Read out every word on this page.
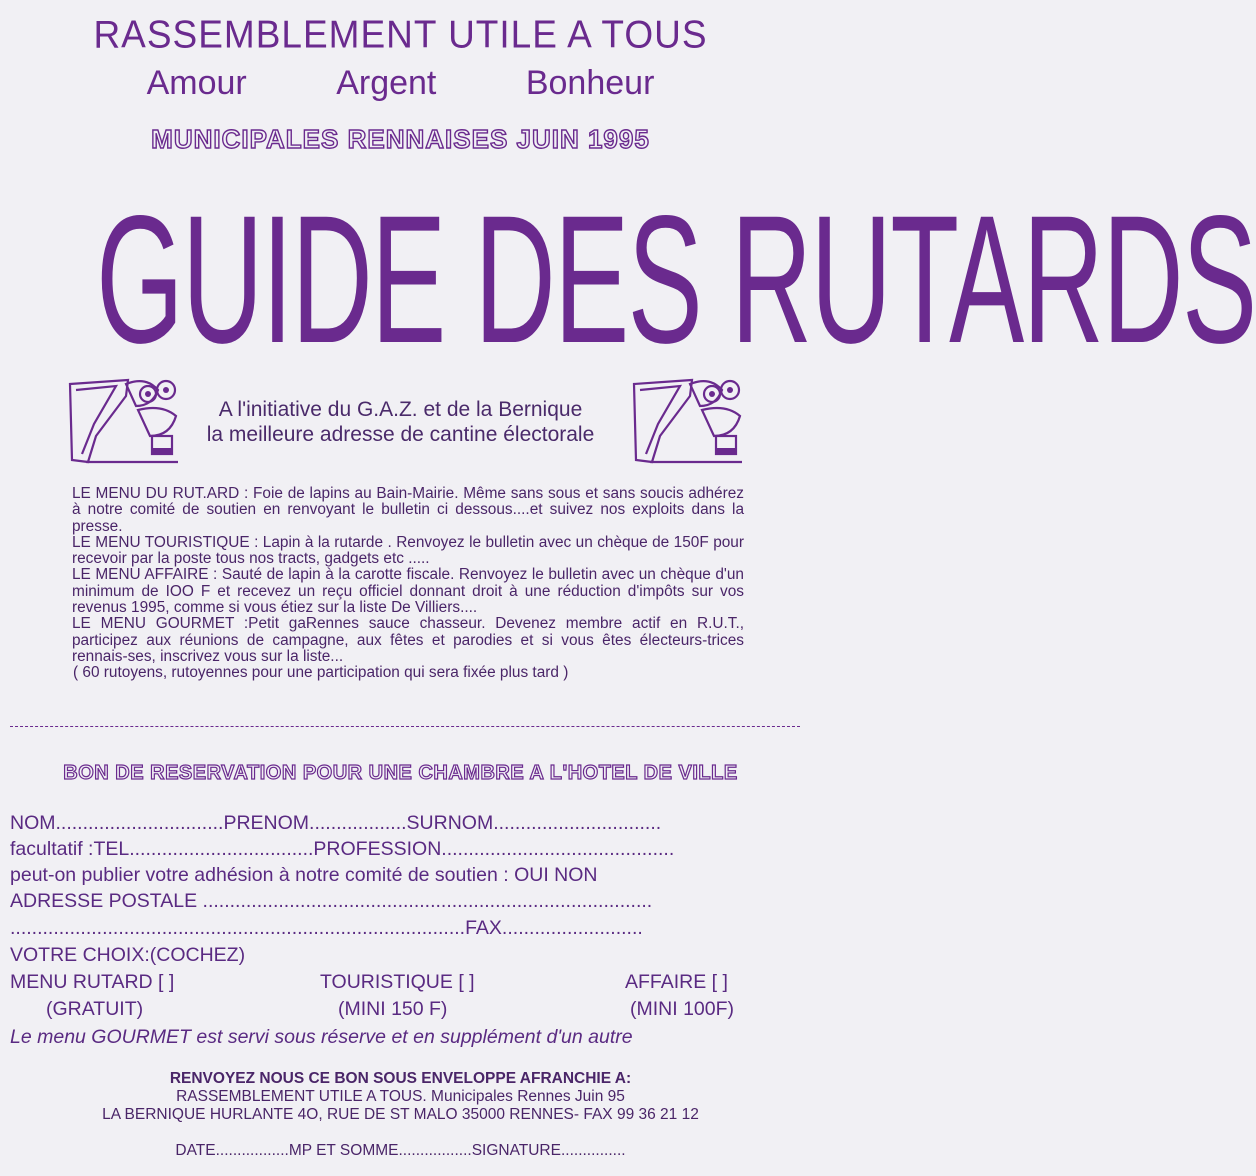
RASSEMBLEMENT UTILE A TOUS
Amour	Argent	Bonheur
MUNICIPALES RENNAISES JUIN 1995
GUIDE DES RUTARDS
A l'initiative du G.A.Z. et de la Bernique
la meilleure adresse de cantine électorale

LE MENU DU RUT.ARD : Foie de lapins au Bain-Mairie. Même sans sous et sans soucis adhérez à notre comité de soutien en renvoyant le bulletin ci dessous....et suivez nos exploits dans la presse.

LE MENU TOURISTIQUE : Lapin à la rutarde . Renvoyez le bulletin avec un chèque de 150F pour recevoir par la poste tous nos tracts, gadgets etc .....

LE MENU AFFAIRE : Sauté de lapin à la carotte fiscale. Renvoyez le bulletin avec un chèque d'un minimum de IOO F et recevez un reçu officiel donnant droit à une réduction d'impôts sur vos revenus 1995, comme si vous étiez sur la liste De Villiers....

LE MENU GOURMET :Petit gaRennes sauce chasseur. Devenez membre actif en R.U.T., participez aux réunions de campagne, aux fêtes et parodies et si vous êtes électeurs-trices rennais-ses, inscrivez vous sur la liste...

( 60 rutoyens, rutoyennes pour une participation qui sera fixée plus tard )

BON DE RESERVATION POUR UNE CHAMBRE A L'HOTEL DE VILLE
NOM...............................PRENOM..................SURNOM...............................
facultatif :TEL..................................PROFESSION...........................................
peut-on publier votre adhésion à notre comité de soutien : OUI NON
ADRESSE POSTALE ...................................................................................
....................................................................................FAX..........................
VOTRE CHOIX:(COCHEZ)
MENU RUTARD [ ]
(GRATUIT)
TOURISTIQUE [ ]
(MINI 150 F)
AFFAIRE [ ]
(MINI 100F)
Le menu GOURMET est servi sous réserve et en supplément d'un autre
RENVOYEZ NOUS CE BON SOUS ENVELOPPE AFRANCHIE A:
RASSEMBLEMENT UTILE A TOUS. Municipales Rennes Juin 95
LA BERNIQUE HURLANTE 4O, RUE DE ST MALO 35000 RENNES- FAX 99 36 21 12
DATE.................MP ET SOMME.................SIGNATURE...............
